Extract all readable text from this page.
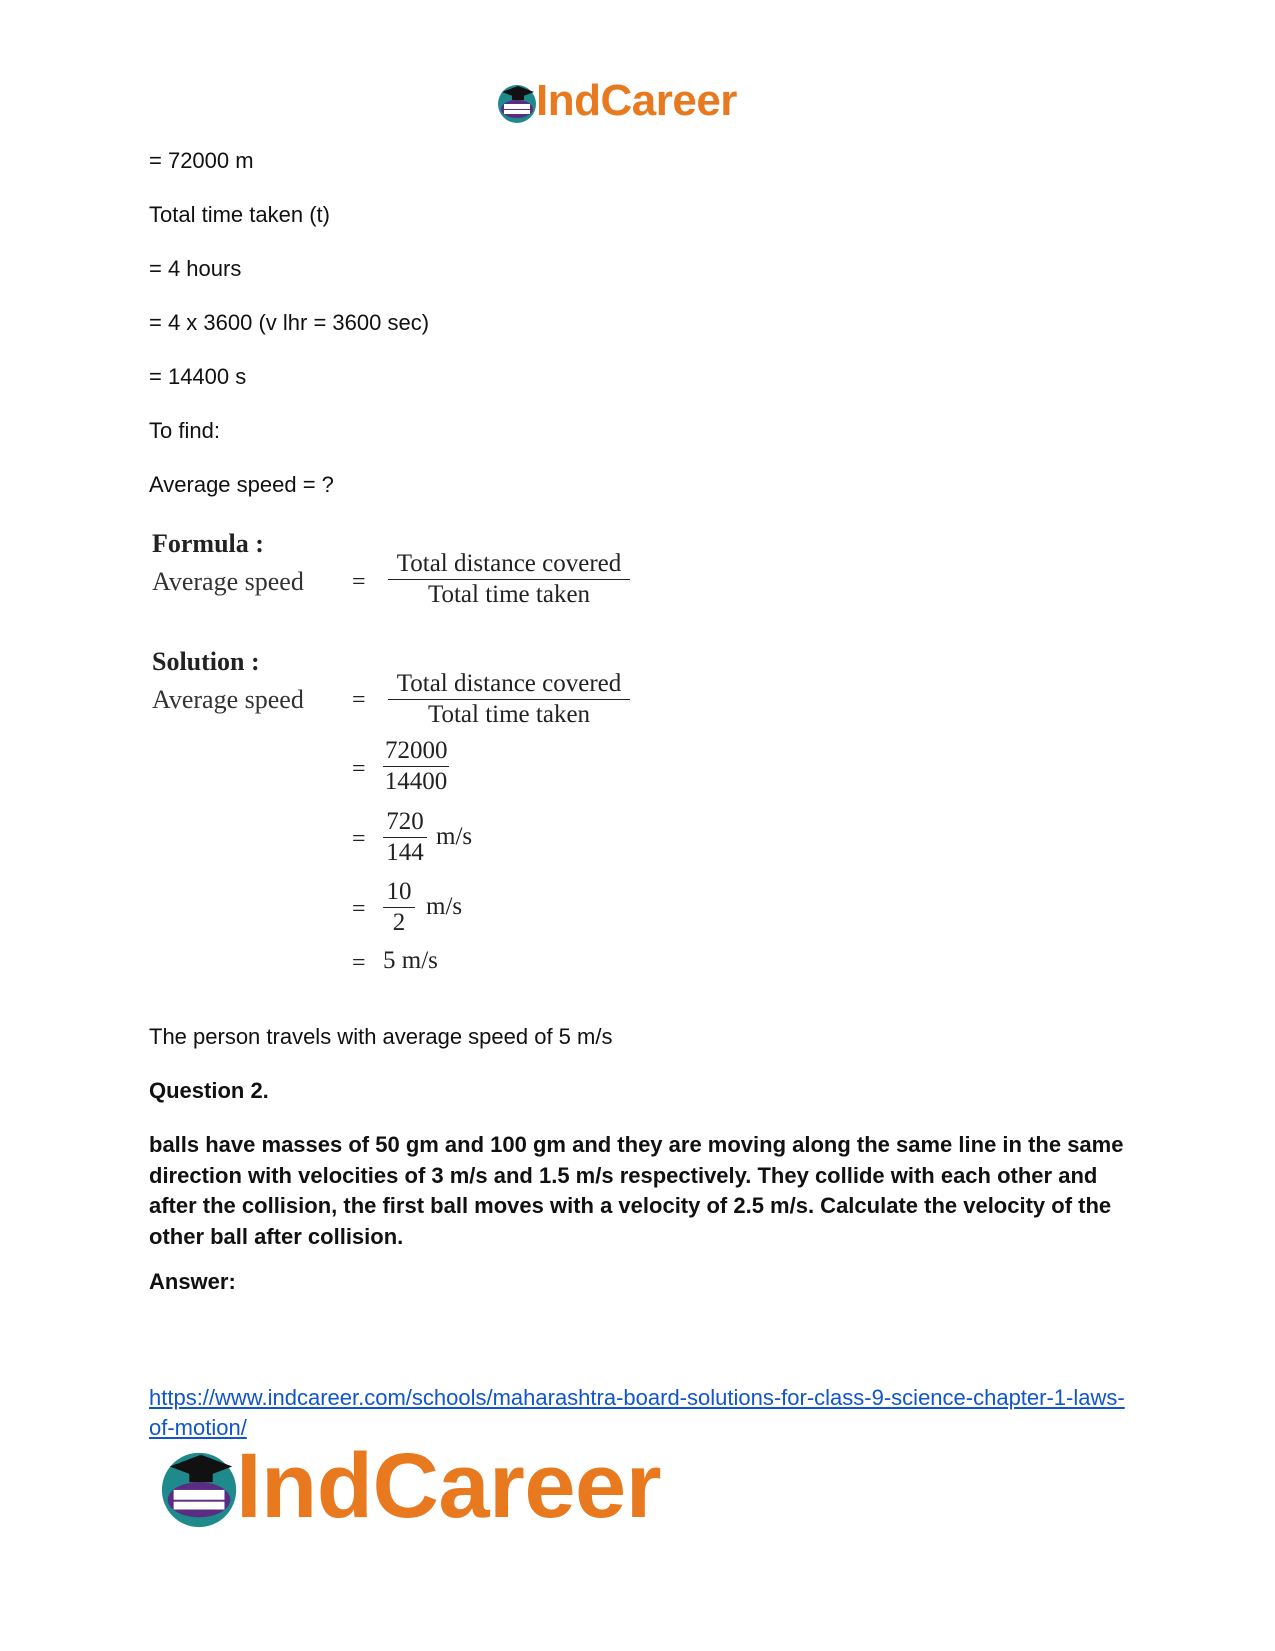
IndCareer
= 72000 m
Total time taken (t)
= 4 hours
= 4 x 3600 (v lhr = 3600 sec)
= 14400 s
To find:
Average speed = ?
Formula :
Average speed =
Total distance covered
Total time taken
Solution :
Average speed =
Total distance covered
Total time taken
= $\frac{72000}{14400}$
= $\frac{720}{144} m/s$
= $\frac{10}{2} m/s$
= 5 m/s
The person travels with average speed of 5 m/s
Question 2.
balls have masses of 50 gm and 100 gm and they are moving along the same line in the same direction with velocities of 3 m/s and 1.5 m/s respectively. They collide with each other and after the collision, the first ball moves with a velocity of 2.5 m/s. Calculate the velocity of the other ball after collision.
Answer:
https://www.indcareer.com/schools/maharashtra-board-solutions-for-class-9-science-chapter-1-laws-of-motion/
IndCareer
